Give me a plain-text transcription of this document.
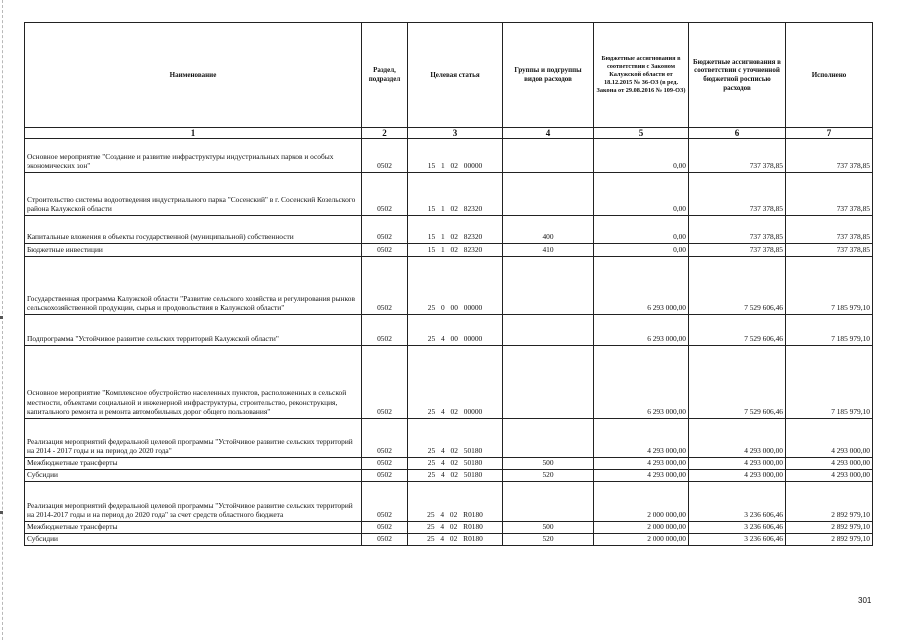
Наименование	Раздел, подраздел	Целевая статья	Группы и подгруппы видов расходов	Бюджетные ассигнования в соответствии с Законом Калужской области от 18.12.2015 № 36-ОЗ (в ред. Закона от 29.08.2016 № 109-ОЗ)	Бюджетные ассигнования в соответствии с уточненной бюджетной росписью расходов	Исполнено
1	2	3	4	5	6	7
Основное мероприятие "Создание и развитие инфраструктуры индустриальных парков и особых экономических зон"	0502	15 1 02 00000		0,00	737 378,85	737 378,85
Строительство системы водоотведения индустриального парка "Сосенский" в г. Сосенский Козельского района Калужской области	0502	15 1 02 82320		0,00	737 378,85	737 378,85
Капитальные вложения в объекты государственной (муниципальной) собственности	0502	15 1 02 82320	400	0,00	737 378,85	737 378,85
Бюджетные инвестиции	0502	15 1 02 82320	410	0,00	737 378,85	737 378,85
Государственная программа Калужской области "Развитие сельского хозяйства и регулирования рынков сельскохозяйственной продукции, сырья и продовольствия в Калужской области"	0502	25 0 00 00000		6 293 000,00	7 529 606,46	7 185 979,10
Подпрограмма "Устойчивое развитие сельских территорий Калужской области"	0502	25 4 00 00000		6 293 000,00	7 529 606,46	7 185 979,10
Основное мероприятие "Комплексное обустройство населенных пунктов, расположенных в сельской местности, объектами социальной и инженерной инфраструктуры, строительство, реконструкция, капитального ремонта и ремонта автомобильных дорог общего пользования"	0502	25 4 02 00000		6 293 000,00	7 529 606,46	7 185 979,10
Реализация мероприятий федеральной целевой программы "Устойчивое развитие сельских территорий на 2014 - 2017 годы и на период до 2020 года"	0502	25 4 02 50180		4 293 000,00	4 293 000,00	4 293 000,00
Межбюджетные трансферты	0502	25 4 02 50180	500	4 293 000,00	4 293 000,00	4 293 000,00
Субсидии	0502	25 4 02 50180	520	4 293 000,00	4 293 000,00	4 293 000,00
Реализация мероприятий федеральной целевой программы "Устойчивое развитие сельских территорий на 2014-2017 годы и на период до 2020 года" за счет средств областного бюджета	0502	25 4 02 R0180		2 000 000,00	3 236 606,46	2 892 979,10
Межбюджетные трансферты	0502	25 4 02 R0180	500	2 000 000,00	3 236 606,46	2 892 979,10
Субсидии	0502	25 4 02 R0180	520	2 000 000,00	3 236 606,46	2 892 979,10
301
